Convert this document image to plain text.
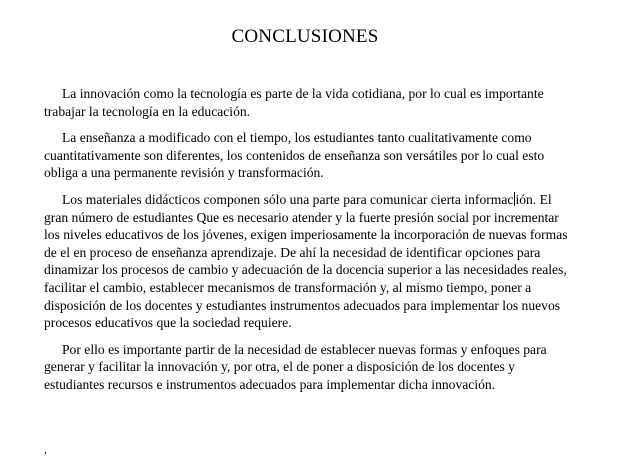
CONCLUSIONES

La innovación como la tecnología es parte de la vida cotidiana, por lo cual es importante trabajar la tecnología en la educación.

La enseñanza a modificado con el tiempo, los estudiantes tanto cualitativamente como cuantitativamente son diferentes, los contenidos de enseñanza son versátiles por lo cual esto obliga a una permanente revisión y transformación.

Los materiales didácticos componen sólo una parte para comunicar cierta informac ión. El gran número de estudiantes Que es necesario atender y la fuerte presión social por incrementar los niveles educativos de los jóvenes, exigen imperiosamente la incorporación de nuevas formas de el en proceso de enseñanza aprendizaje. De ahí la necesidad de identificar opciones para dinamizar los procesos de cambio y adecuación de la docencia superior a las necesidades reales, facilitar el cambio, establecer mecanismos de transformación y, al mismo tiempo, poner a disposición de los docentes y estudiantes instrumentos adecuados para implementar los nuevos procesos educativos que la sociedad requiere.

Por ello es importante partir de la necesidad de establecer nuevas formas y enfoques para generar y facilitar la innovación y, por otra, el de poner a disposición de los docentes y estudiantes recursos e instrumentos adecuados para implementar dicha innovación.

,
